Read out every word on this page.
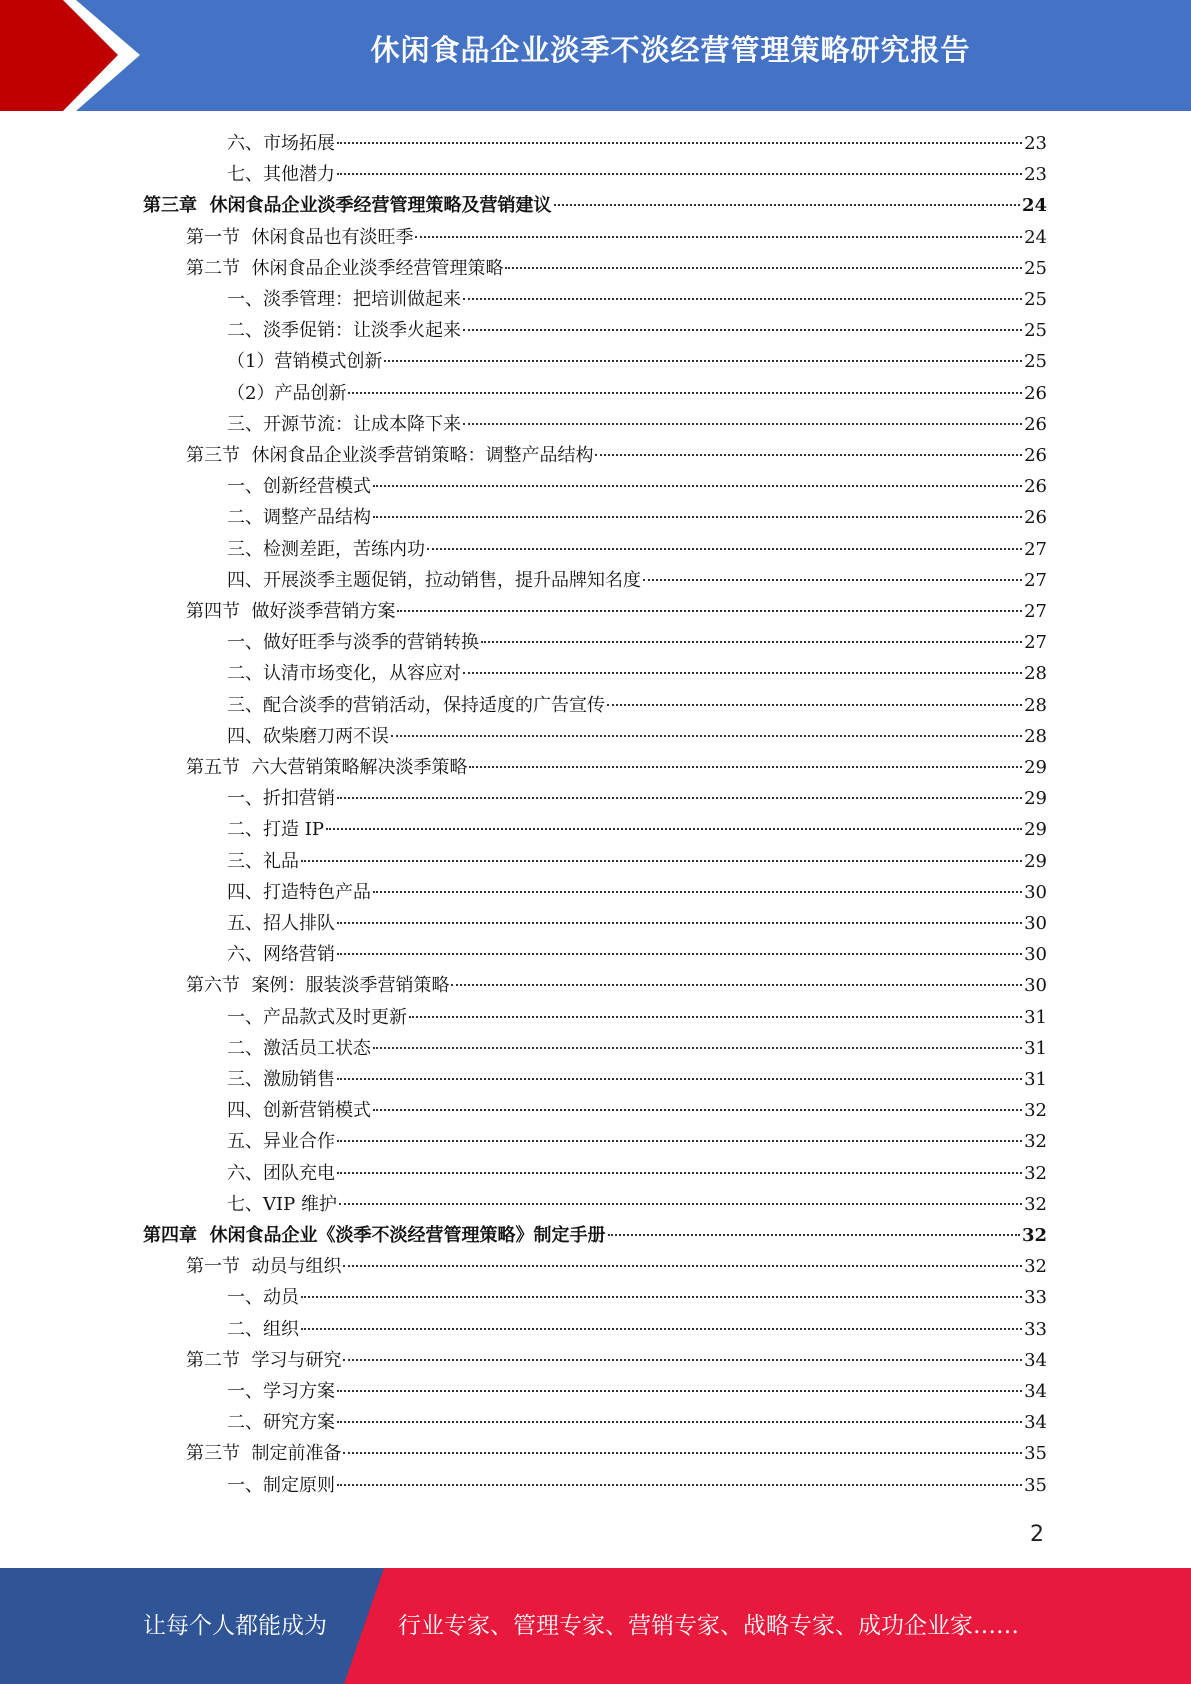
休闲食品企业淡季不淡经营管理策略研究报告
六、市场拓展	23
七、其他潜力	23
第三章  休闲食品企业淡季经营管理策略及营销建议	24
第一节  休闲食品也有淡旺季	24
第二节  休闲食品企业淡季经营管理策略	25
一、淡季管理：把培训做起来	25
二、淡季促销：让淡季火起来	25
（1）营销模式创新	25
（2）产品创新	26
三、开源节流：让成本降下来	26
第三节  休闲食品企业淡季营销策略：调整产品结构	26
一、创新经营模式	26
二、调整产品结构	26
三、检测差距，苦练内功	27
四、开展淡季主题促销，拉动销售，提升品牌知名度	27
第四节  做好淡季营销方案	27
一、做好旺季与淡季的营销转换	27
二、认清市场变化，从容应对	28
三、配合淡季的营销活动，保持适度的广告宣传	28
四、砍柴磨刀两不误	28
第五节  六大营销策略解决淡季策略	29
一、折扣营销	29
二、打造 IP	29
三、礼品	29
四、打造特色产品	30
五、招人排队	30
六、网络营销	30
第六节  案例：服装淡季营销策略	30
一、产品款式及时更新	31
二、激活员工状态	31
三、激励销售	31
四、创新营销模式	32
五、异业合作	32
六、团队充电	32
七、VIP 维护	32
第四章  休闲食品企业《淡季不淡经营管理策略》制定手册	32
第一节  动员与组织	32
一、动员	33
二、组织	33
第二节  学习与研究	34
一、学习方案	34
二、研究方案	34
第三节  制定前准备	35
一、制定原则	35
2
让每个人都能成为	行业专家、管理专家、营销专家、战略专家、成功企业家……
